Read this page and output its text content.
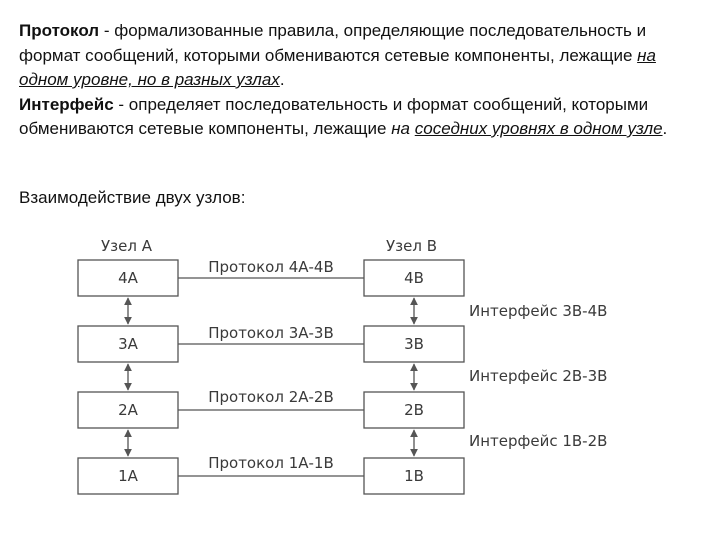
Протокол - формализованные правила, определяющие последовательность и формат сообщений, которыми обмениваются сетевые компоненты, лежащие на одном уровне, но в разных узлах.

Интерфейс - определяет последовательность и формат сообщений, которыми обмениваются сетевые компоненты, лежащие на соседних уровнях в одном узле.

Взаимодействие двух узлов:
Узел А	Узел В
4А
3А
2А
1А
4В
3В
2В
1В
Протокол 4А-4В
Протокол 3А-3В
Протокол 2А-2В
Протокол 1А-1В
Интерфейс 3В-4В
Интерфейс 2В-3В
Интерфейс 1В-2В
